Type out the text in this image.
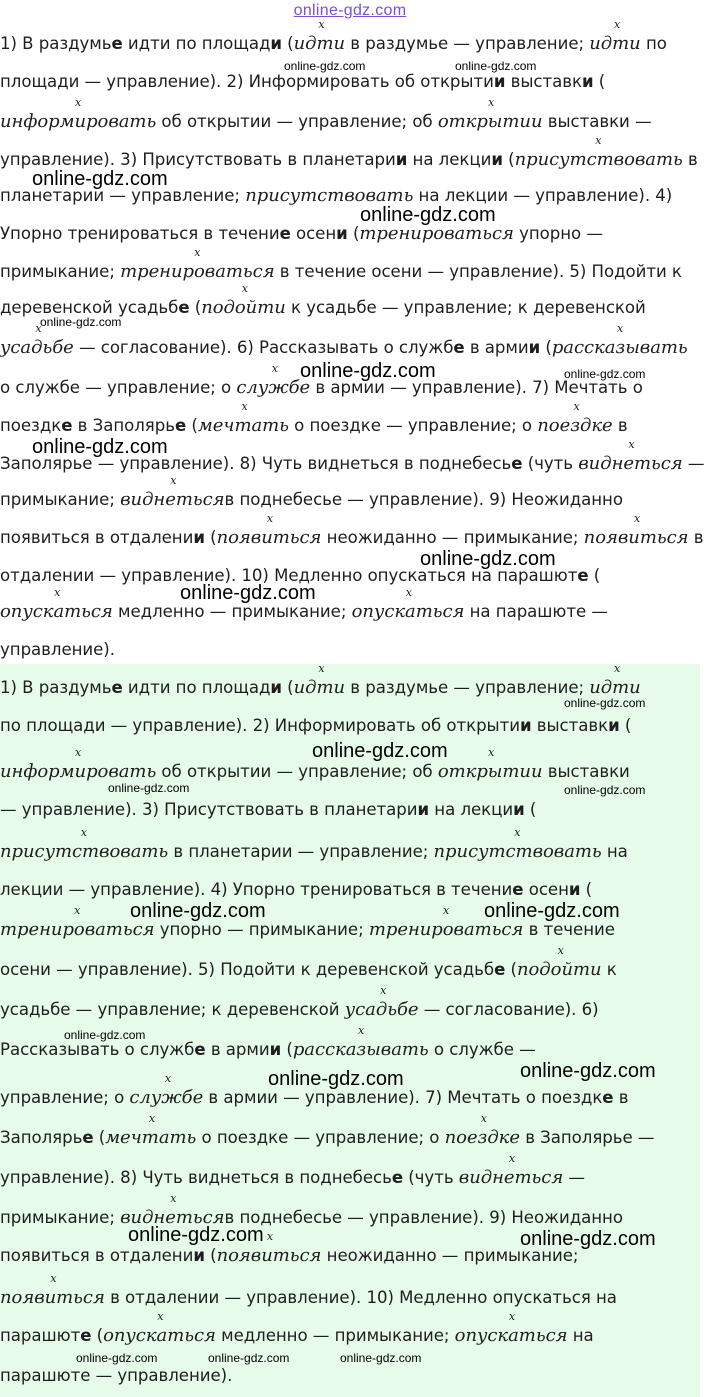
online-gdz.com
1) В раздумье идти по площади (идти x в раздумье — управление; идти x по
площади — управление). 2) Информировать об открытии выставки (
информировать x об открытии — управление; об открытии x выставки —
управление). 3) Присутствовать в планетарии на лекции (присутствовать x в
планетарии — управление; присутствовать на лекции — управление). 4)
Упорно тренироваться в течение осени (тренироваться упорно —
примыкание; тренироваться x в течение осени — управление). 5) Подойти к
деревенской усадьбе (подойти x к усадьбе — управление; к деревенской
усадьбе x — согласование). 6) Рассказывать о службе в армии (рассказывать x
о службе — управление; о службе x в армии — управление). 7) Мечтать о
поездке в Заполярье (мечтать x о поездке — управление; о поездке x в
Заполярье — управление). 8) Чуть виднеться в поднебесье (чуть виднеться x —
примыкание; виднеться xв поднебесье — управление). 9) Неожиданно
появиться в отдалении (появиться x неожиданно — примыкание; появиться x в
отдалении — управление). 10) Медленно опускаться на парашюте (
опускаться x медленно — примыкание; опускаться x на парашюте —
управление).
online-gdz.com	online-gdz.com
online-gdz.com
online-gdz.com
online-gdz.com
online-gdz.com	online-gdz.com
online-gdz.com
online-gdz.com
online-gdz.com
1) В раздумье идти по площади (идти x в раздумье — управление; идти x
по площади — управление). 2) Информировать об открытии выставки (
информировать x об открытии — управление; об открытии x выставки
— управление). 3) Присутствовать в планетарии на лекции (
присутствовать x в планетарии — управление; присутствовать x на
лекции — управление). 4) Упорно тренироваться в течение осени (
тренироваться x упорно — примыкание; тренироваться x в течение
осени — управление). 5) Подойти к деревенской усадьбе (подойти x к
усадьбе — управление; к деревенской усадьбе x — согласование). 6)
Рассказывать о службе в армии (рассказывать x о службе —
управление; о службе x в армии — управление). 7) Мечтать о поездке в
Заполярье (мечтать x о поездке — управление; о поездке x в Заполярье —
управление). 8) Чуть виднеться в поднебесье (чуть виднеться x —
примыкание; виднеться xв поднебесье — управление). 9) Неожиданно
появиться в отдалении (появиться x неожиданно — примыкание;
появиться x в отдалении — управление). 10) Медленно опускаться на
парашюте (опускаться x медленно — примыкание; опускаться x на
парашюте — управление).
online-gdz.com
online-gdz.com
online-gdz.com	online-gdz.com
online-gdz.com	online-gdz.com
online-gdz.com
online-gdz.com
online-gdz.com
online-gdz.com	online-gdz.com
online-gdz.com	online-gdz.com	online-gdz.com
